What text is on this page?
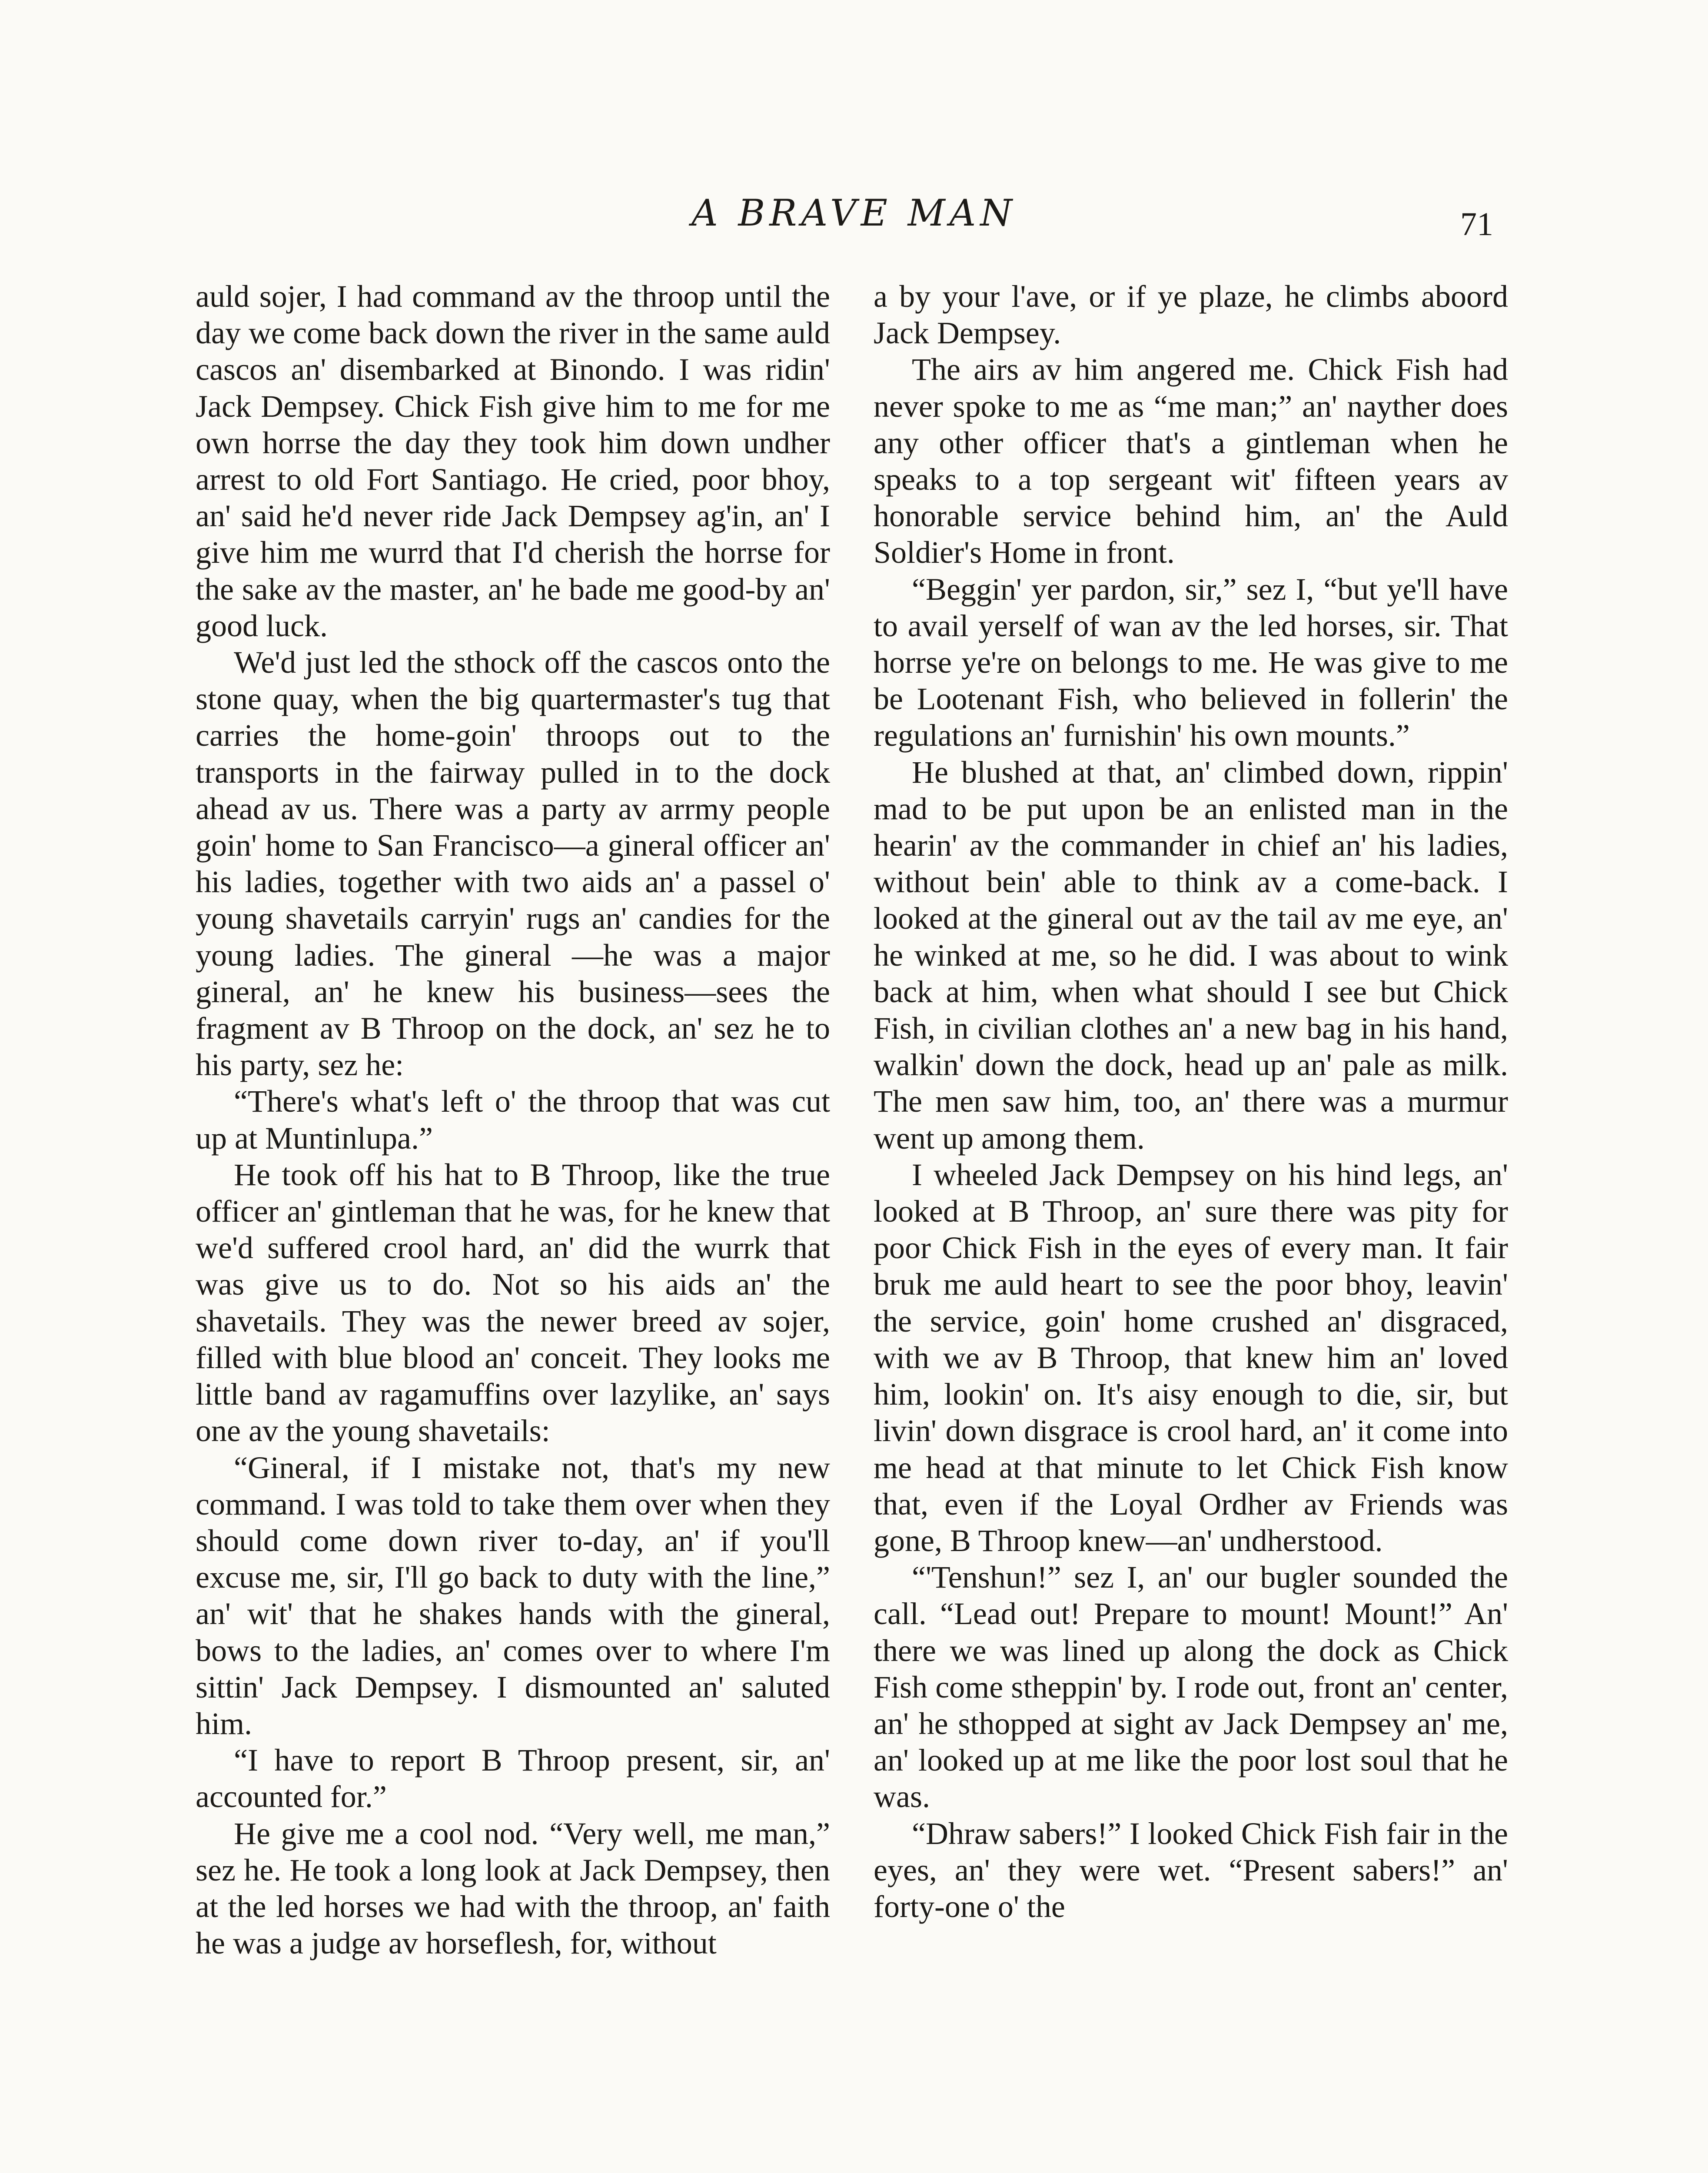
A BRAVE MAN	71

auld sojer, I had command av the throop until the day we come back down the river in the same auld cascos an' disembarked at Binondo. I was ridin' Jack Dempsey. Chick Fish give him to me for me own horrse the day they took him down undher arrest to old Fort Santiago. He cried, poor bhoy, an' said he'd never ride Jack Dempsey ag'in, an' I give him me wurrd that I'd cherish the horrse for the sake av the master, an' he bade me good-by an' good luck.

We'd just led the sthock off the cascos onto the stone quay, when the big quartermaster's tug that carries the home-goin' throops out to the transports in the fairway pulled in to the dock ahead av us. There was a party av arrmy people goin' home to San Francisco—a gineral officer an' his ladies, together with two aids an' a passel o' young shavetails carryin' rugs an' candies for the young ladies. The gineral —he was a major gineral, an' he knew his business—sees the fragment av B Throop on the dock, an' sez he to his party, sez he:

“There's what's left o' the throop that was cut up at Muntinlupa.”

He took off his hat to B Throop, like the true officer an' gintleman that he was, for he knew that we'd suffered crool hard, an' did the wurrk that was give us to do. Not so his aids an' the shavetails. They was the newer breed av sojer, filled with blue blood an' conceit. They looks me little band av ragamuffins over lazylike, an' says one av the young shavetails:

“Gineral, if I mistake not, that's my new command. I was told to take them over when they should come down river to-day, an' if you'll excuse me, sir, I'll go back to duty with the line,” an' wit' that he shakes hands with the gineral, bows to the ladies, an' comes over to where I'm sittin' Jack Dempsey. I dismounted an' saluted him.

“I have to report B Throop present, sir, an' accounted for.”

He give me a cool nod. “Very well, me man,” sez he. He took a long look at Jack Dempsey, then at the led horses we had with the throop, an' faith he was a judge av horseflesh, for, without

a by your l'ave, or if ye plaze, he climbs aboord Jack Dempsey.

The airs av him angered me. Chick Fish had never spoke to me as “me man;” an' nayther does any other officer that's a gintleman when he speaks to a top sergeant wit' fifteen years av honorable service behind him, an' the Auld Soldier's Home in front.

“Beggin' yer pardon, sir,” sez I, “but ye'll have to avail yerself of wan av the led horses, sir. That horrse ye're on belongs to me. He was give to me be Lootenant Fish, who believed in follerin' the regulations an' furnishin' his own mounts.”

He blushed at that, an' climbed down, rippin' mad to be put upon be an enlisted man in the hearin' av the commander in chief an' his ladies, without bein' able to think av a come-back. I looked at the gineral out av the tail av me eye, an' he winked at me, so he did. I was about to wink back at him, when what should I see but Chick Fish, in civilian clothes an' a new bag in his hand, walkin' down the dock, head up an' pale as milk. The men saw him, too, an' there was a murmur went up among them.

I wheeled Jack Dempsey on his hind legs, an' looked at B Throop, an' sure there was pity for poor Chick Fish in the eyes of every man. It fair bruk me auld heart to see the poor bhoy, leavin' the service, goin' home crushed an' disgraced, with we av B Throop, that knew him an' loved him, lookin' on. It's aisy enough to die, sir, but livin' down disgrace is crool hard, an' it come into me head at that minute to let Chick Fish know that, even if the Loyal Ordher av Friends was gone, B Throop knew—an' undherstood.

“'Tenshun!” sez I, an' our bugler sounded the call. “Lead out! Prepare to mount! Mount!” An' there we was lined up along the dock as Chick Fish come stheppin' by. I rode out, front an' center, an' he sthopped at sight av Jack Dempsey an' me, an' looked up at me like the poor lost soul that he was.

“Dhraw sabers!” I looked Chick Fish fair in the eyes, an' they were wet. “Present sabers!” an' forty-one o' the
